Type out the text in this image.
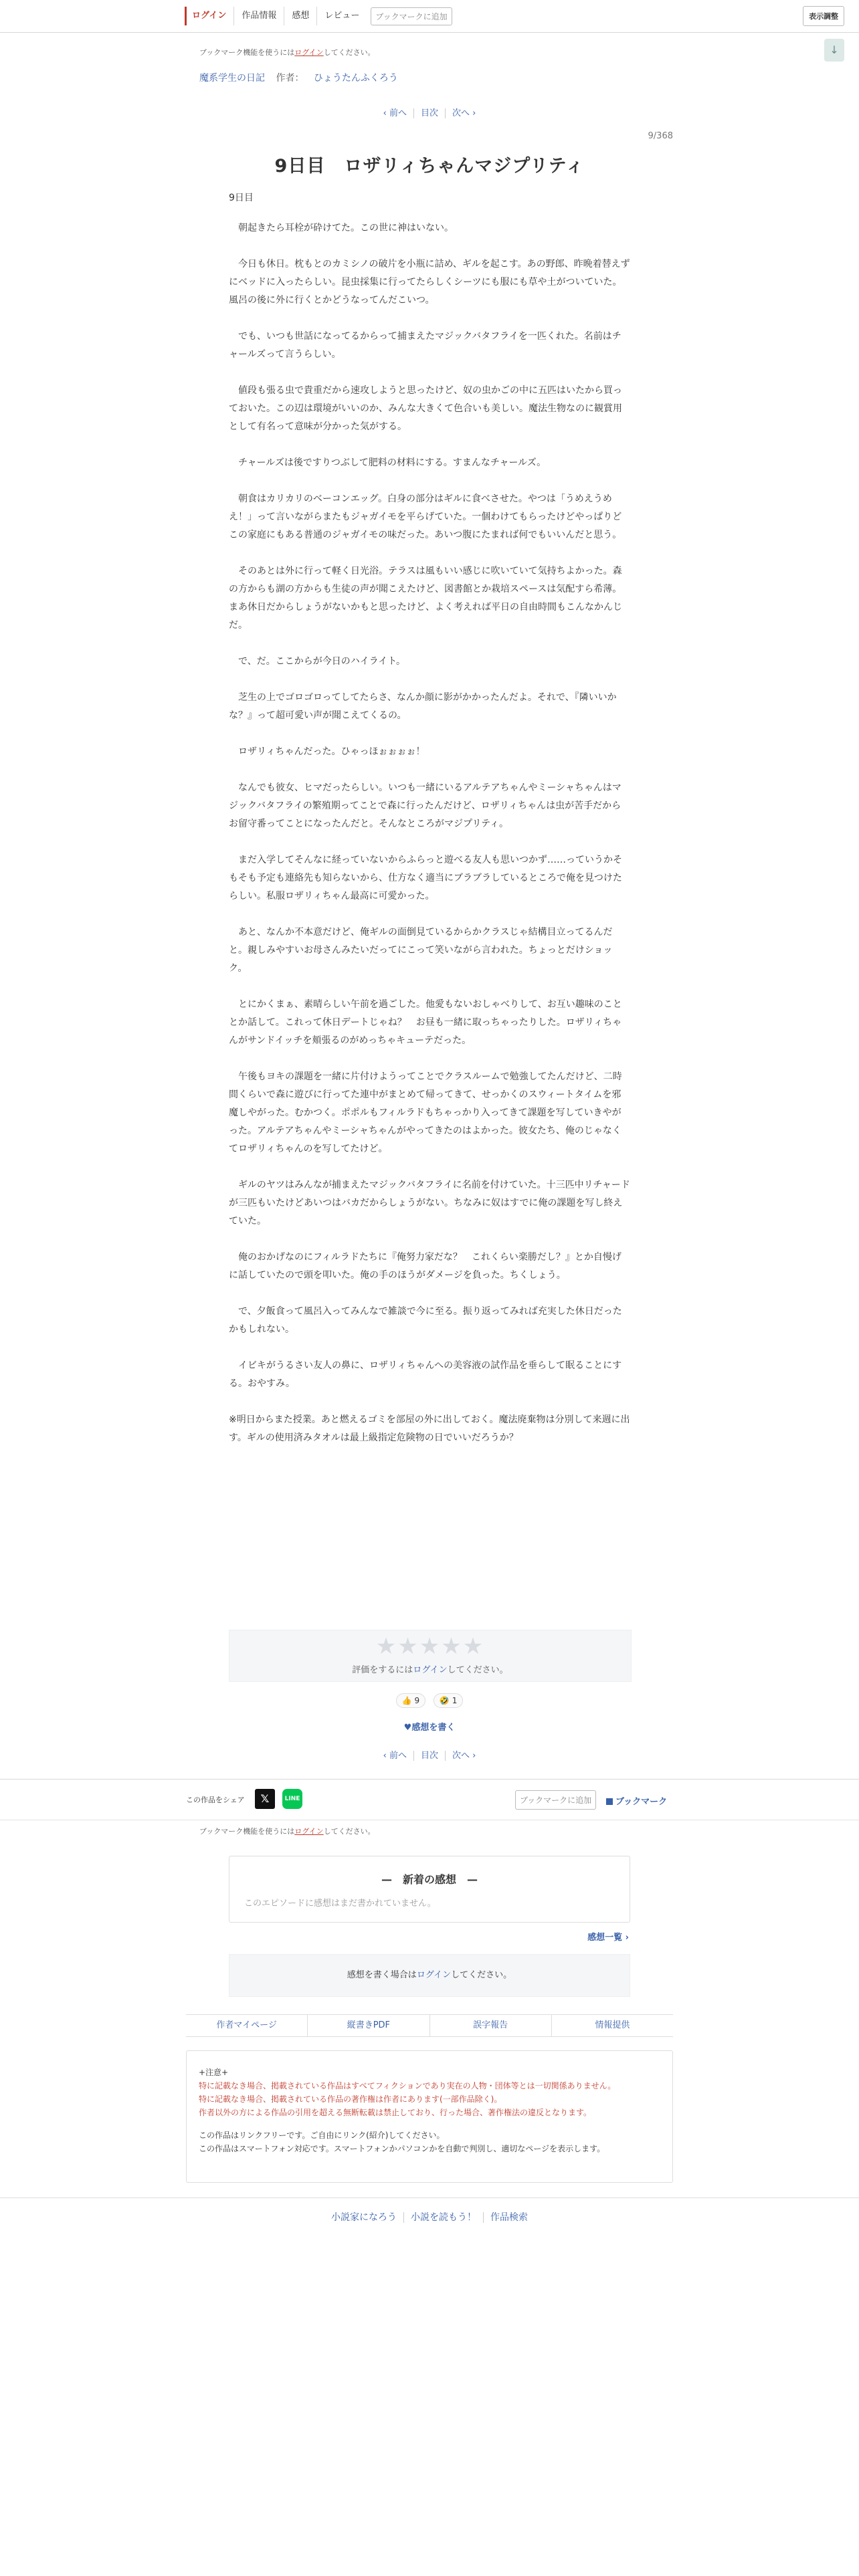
ログイン	作品情報	感想	レビュー	ブックマークに追加	表示調整
↓
ブックマーク機能を使うにはログインしてください。
魔系学生の日記 作者： ひょうたんふくろう
‹ 前へ 目次 次へ ›
9/368
9日目　ロザリィちゃんマジプリティ
9日目

　朝起きたら耳栓が砕けてた。この世に神はいない。

　今日も休日。枕もとのカミシノの破片を小瓶に詰め、ギルを起こす。あの野郎、昨晩着替えずにベッドに入ったらしい。昆虫採集に行ってたらしくシーツにも服にも草や土がついていた。風呂の後に外に行くとかどうなってんだこいつ。

　でも、いつも世話になってるからって捕まえたマジックバタフライを一匹くれた。名前はチャールズって言うらしい。

　値段も張る虫で貴重だから速攻しようと思ったけど、奴の虫かごの中に五匹はいたから買っておいた。この辺は環境がいいのか、みんな大きくて色合いも美しい。魔法生物なのに観賞用として有名って意味が分かった気がする。

　チャールズは後ですりつぶして肥料の材料にする。すまんなチャールズ。

　朝食はカリカリのベーコンエッグ。白身の部分はギルに食べさせた。やつは「うめえうめえ！」って言いながらまたもジャガイモを平らげていた。一個わけてもらったけどやっぱりどこの家庭にもある普通のジャガイモの味だった。あいつ腹にたまれば何でもいいんだと思う。

　そのあとは外に行って軽く日光浴。テラスは風もいい感じに吹いていて気持ちよかった。森の方からも湖の方からも生徒の声が聞こえたけど、図書館とか栽培スペースは気配すら希薄。まあ休日だからしょうがないかもと思ったけど、よく考えれば平日の自由時間もこんなかんじだ。

　で、だ。ここからが今日のハイライト。

　芝生の上でゴロゴロってしてたらさ、なんか顔に影がかかったんだよ。それで、『隣いいかな？』って超可愛い声が聞こえてくるの。

　ロザリィちゃんだった。ひゃっほぉぉぉぉ！

　なんでも彼女、ヒマだったらしい。いつも一緒にいるアルテアちゃんやミーシャちゃんはマジックバタフライの繁殖期ってことで森に行ったんだけど、ロザリィちゃんは虫が苦手だからお留守番ってことになったんだと。そんなところがマジプリティ。

　まだ入学してそんなに経っていないからふらっと遊べる友人も思いつかず……っていうかそもそも予定も連絡先も知らないから、仕方なく適当にブラブラしているところで俺を見つけたらしい。私服ロザリィちゃん最高に可愛かった。

　あと、なんか不本意だけど、俺ギルの面倒見ているからかクラスじゃ結構目立ってるんだと。親しみやすいお母さんみたいだってにこって笑いながら言われた。ちょっとだけショック。

　とにかくまぁ、素晴らしい午前を過ごした。他愛もないおしゃべりして、お互い趣味のこととか話して。これって休日デートじゃね？　お昼も一緒に取っちゃったりした。ロザリィちゃんがサンドイッチを頬張るのがめっちゃキューテだった。

　午後もヨキの課題を一緒に片付けようってことでクラスルームで勉強してたんだけど、二時間くらいで森に遊びに行ってた連中がまとめて帰ってきて、せっかくのスウィートタイムを邪魔しやがった。むかつく。ポポルもフィルラドもちゃっかり入ってきて課題を写していきやがった。アルテアちゃんやミーシャちゃんがやってきたのはよかった。彼女たち、俺のじゃなくてロザリィちゃんのを写してたけど。

　ギルのヤツはみんなが捕まえたマジックバタフライに名前を付けていた。十三匹中リチャードが三匹もいたけどあいつはバカだからしょうがない。ちなみに奴はすでに俺の課題を写し終えていた。

　俺のおかげなのにフィルラドたちに『俺努力家だな？　これくらい楽勝だし？』とか自慢げに話していたので頭を叩いた。俺の手のほうがダメージを負った。ちくしょう。

　で、夕飯食って風呂入ってみんなで雑談で今に至る。振り返ってみれば充実した休日だったかもしれない。

　イビキがうるさい友人の鼻に、ロザリィちゃんへの美容液の試作品を垂らして眠ることにする。おやすみ。

※明日からまた授業。あと燃えるゴミを部屋の外に出しておく。魔法廃棄物は分別して来週に出す。ギルの使用済みタオルは最上級指定危険物の日でいいだろうか？

★★★★★
評価をするにはログインしてください。
👍 9 🤣 1
♥感想を書く
‹ 前へ 目次 次へ ›
この作品をシェア	𝕏	LINE	ブックマークに追加	ブックマーク
ブックマーク機能を使うにはログインしてください。
—　新着の感想　—
このエピソードに感想はまだ書かれていません。
感想一覧 ›
感想を書く場合はログインしてください。
作者マイページ	縦書きPDF	誤字報告	情報提供
+注意+
特に記載なき場合、掲載されている作品はすべてフィクションであり実在の人物・団体等とは一切関係ありません。
特に記載なき場合、掲載されている作品の著作権は作者にあります(一部作品除く)。
作者以外の方による作品の引用を超える無断転載は禁止しており、行った場合、著作権法の違反となります。
この作品はリンクフリーです。ご自由にリンク(紹介)してください。
この作品はスマートフォン対応です。スマートフォンかパソコンかを自動で判別し、適切なページを表示します。
小説家になろう 小説を読もう！ 作品検索
